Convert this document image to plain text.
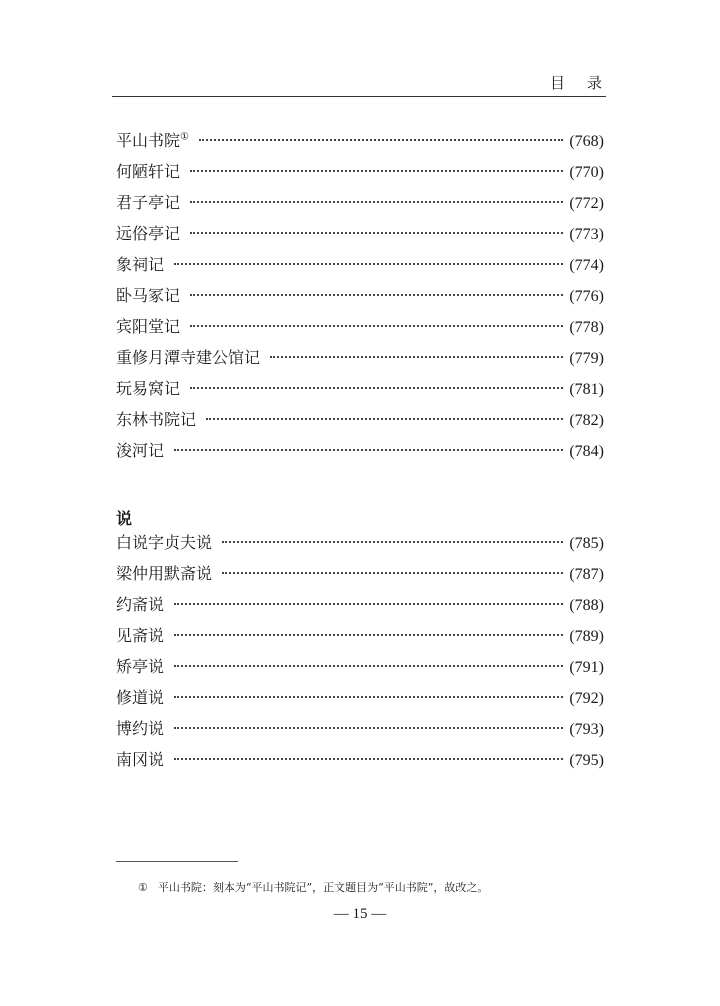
目 录
平山书院①	(768)
何陋轩记	(770)
君子亭记	(772)
远俗亭记	(773)
象祠记	(774)
卧马冢记	(776)
宾阳堂记	(778)
重修月潭寺建公馆记	(779)
玩易窝记	(781)
东林书院记	(782)
浚河记	(784)
说
白说字贞夫说	(785)
梁仲用默斋说	(787)
约斋说	(788)
见斋说	(789)
矫亭说	(791)
修道说	(792)
博约说	(793)
南冈说	(795)
① 平山书院：刻本为“平山书院记”，正文题目为“平山书院”，故改之。
— 15 —
